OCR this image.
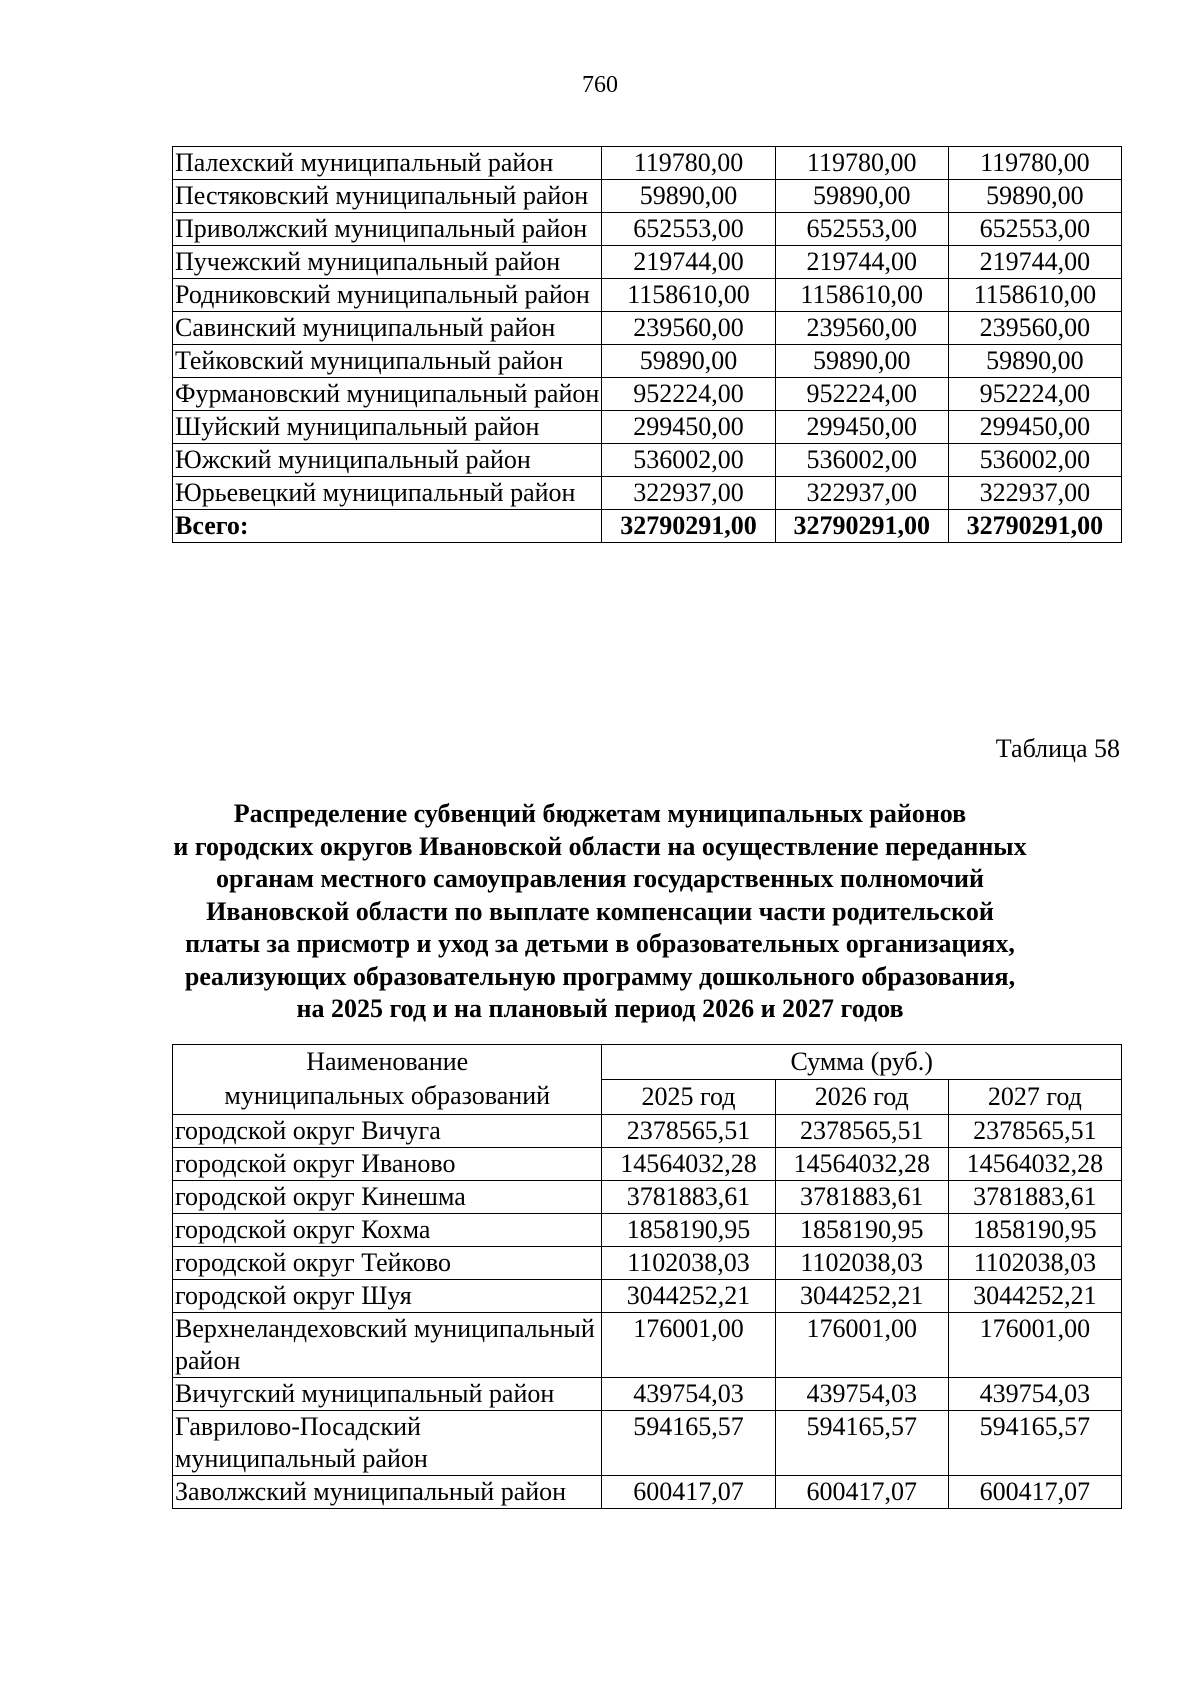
760
Палехский муниципальный район	119780,00	119780,00	119780,00
Пестяковский муниципальный район	59890,00	59890,00	59890,00
Приволжский муниципальный район	652553,00	652553,00	652553,00
Пучежский муниципальный район	219744,00	219744,00	219744,00
Родниковский муниципальный район	1158610,00	1158610,00	1158610,00
Савинский муниципальный район	239560,00	239560,00	239560,00
Тейковский муниципальный район	59890,00	59890,00	59890,00
Фурмановский муниципальный район	952224,00	952224,00	952224,00
Шуйский муниципальный район	299450,00	299450,00	299450,00
Южский муниципальный район	536002,00	536002,00	536002,00
Юрьевецкий муниципальный район	322937,00	322937,00	322937,00
Всего:	32790291,00	32790291,00	32790291,00
Таблица 58
Распределение субвенций бюджетам муниципальных районов
и городских округов Ивановской области на осуществление переданных
органам местного самоуправления государственных полномочий
Ивановской области по выплате компенсации части родительской
платы за присмотр и уход за детьми в образовательных организациях,
реализующих образовательную программу дошкольного образования,
на 2025 год и на плановый период 2026 и 2027 годов
Наименование
муниципальных образований	Сумма (руб.)		
	2025 год	2026 год	2027 год
городской округ Вичуга	2378565,51	2378565,51	2378565,51
городской округ Иваново	14564032,28	14564032,28	14564032,28
городской округ Кинешма	3781883,61	3781883,61	3781883,61
городской округ Кохма	1858190,95	1858190,95	1858190,95
городской округ Тейково	1102038,03	1102038,03	1102038,03
городской округ Шуя	3044252,21	3044252,21	3044252,21
Верхнеландеховский муниципальный район	176001,00	176001,00	176001,00
Вичугский муниципальный район	439754,03	439754,03	439754,03
Гаврилово-Посадский муниципальный район	594165,57	594165,57	594165,57
Заволжский муниципальный район	600417,07	600417,07	600417,07
